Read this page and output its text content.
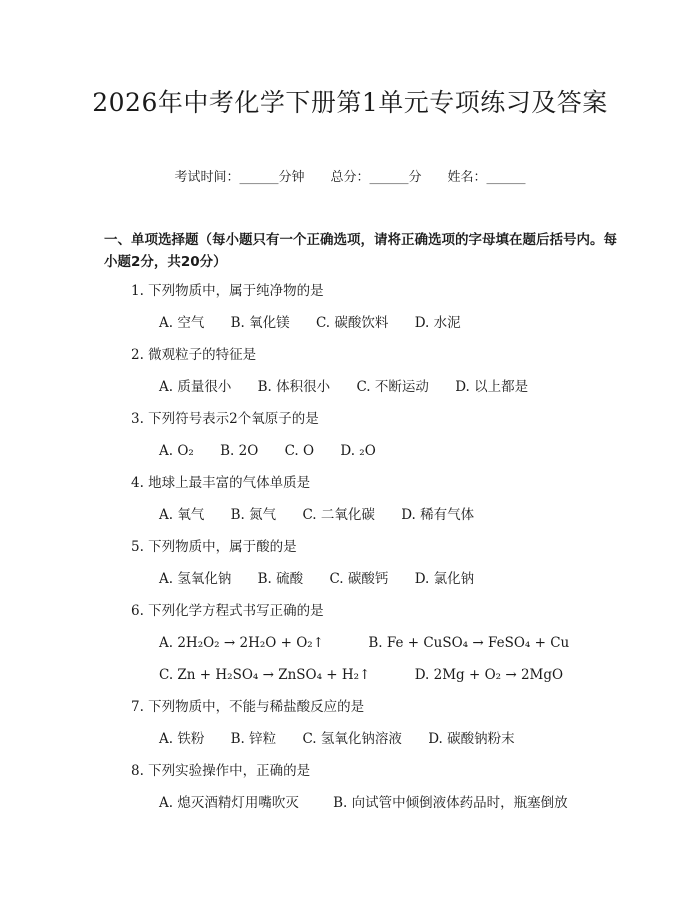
2026年中考化学下册第1单元专项练习及答案
考试时间：______分钟 总分：______分 姓名：______
一、单项选择题（每小题只有一个正确选项，请将正确选项的字母填在题后括号内。每小题2分，共20分）
1. 下列物质中，属于纯净物的是
A. 空气 B. 氧化镁 C. 碳酸饮料 D. 水泥
2. 微观粒子的特征是
A. 质量很小 B. 体积很小 C. 不断运动 D. 以上都是
3. 下列符号表示2个氧原子的是
A. O₂ B. 2O C. O D. ₂O
4. 地球上最丰富的气体单质是
A. 氧气 B. 氮气 C. 二氧化碳 D. 稀有气体
5. 下列物质中，属于酸的是
A. 氢氧化钠 B. 硫酸 C. 碳酸钙 D. 氯化钠
6. 下列化学方程式书写正确的是
A. 2H₂O₂ → 2H₂O + O₂↑	B. Fe + CuSO₄ → FeSO₄ + Cu
C. Zn + H₂SO₄ → ZnSO₄ + H₂↑	D. 2Mg + O₂ → 2MgO
7. 下列物质中，不能与稀盐酸反应的是
A. 铁粉 B. 锌粒 C. 氢氧化钠溶液 D. 碳酸钠粉末
8. 下列实验操作中，正确的是
A. 熄灭酒精灯用嘴吹灭	B. 向试管中倾倒液体药品时，瓶塞倒放
